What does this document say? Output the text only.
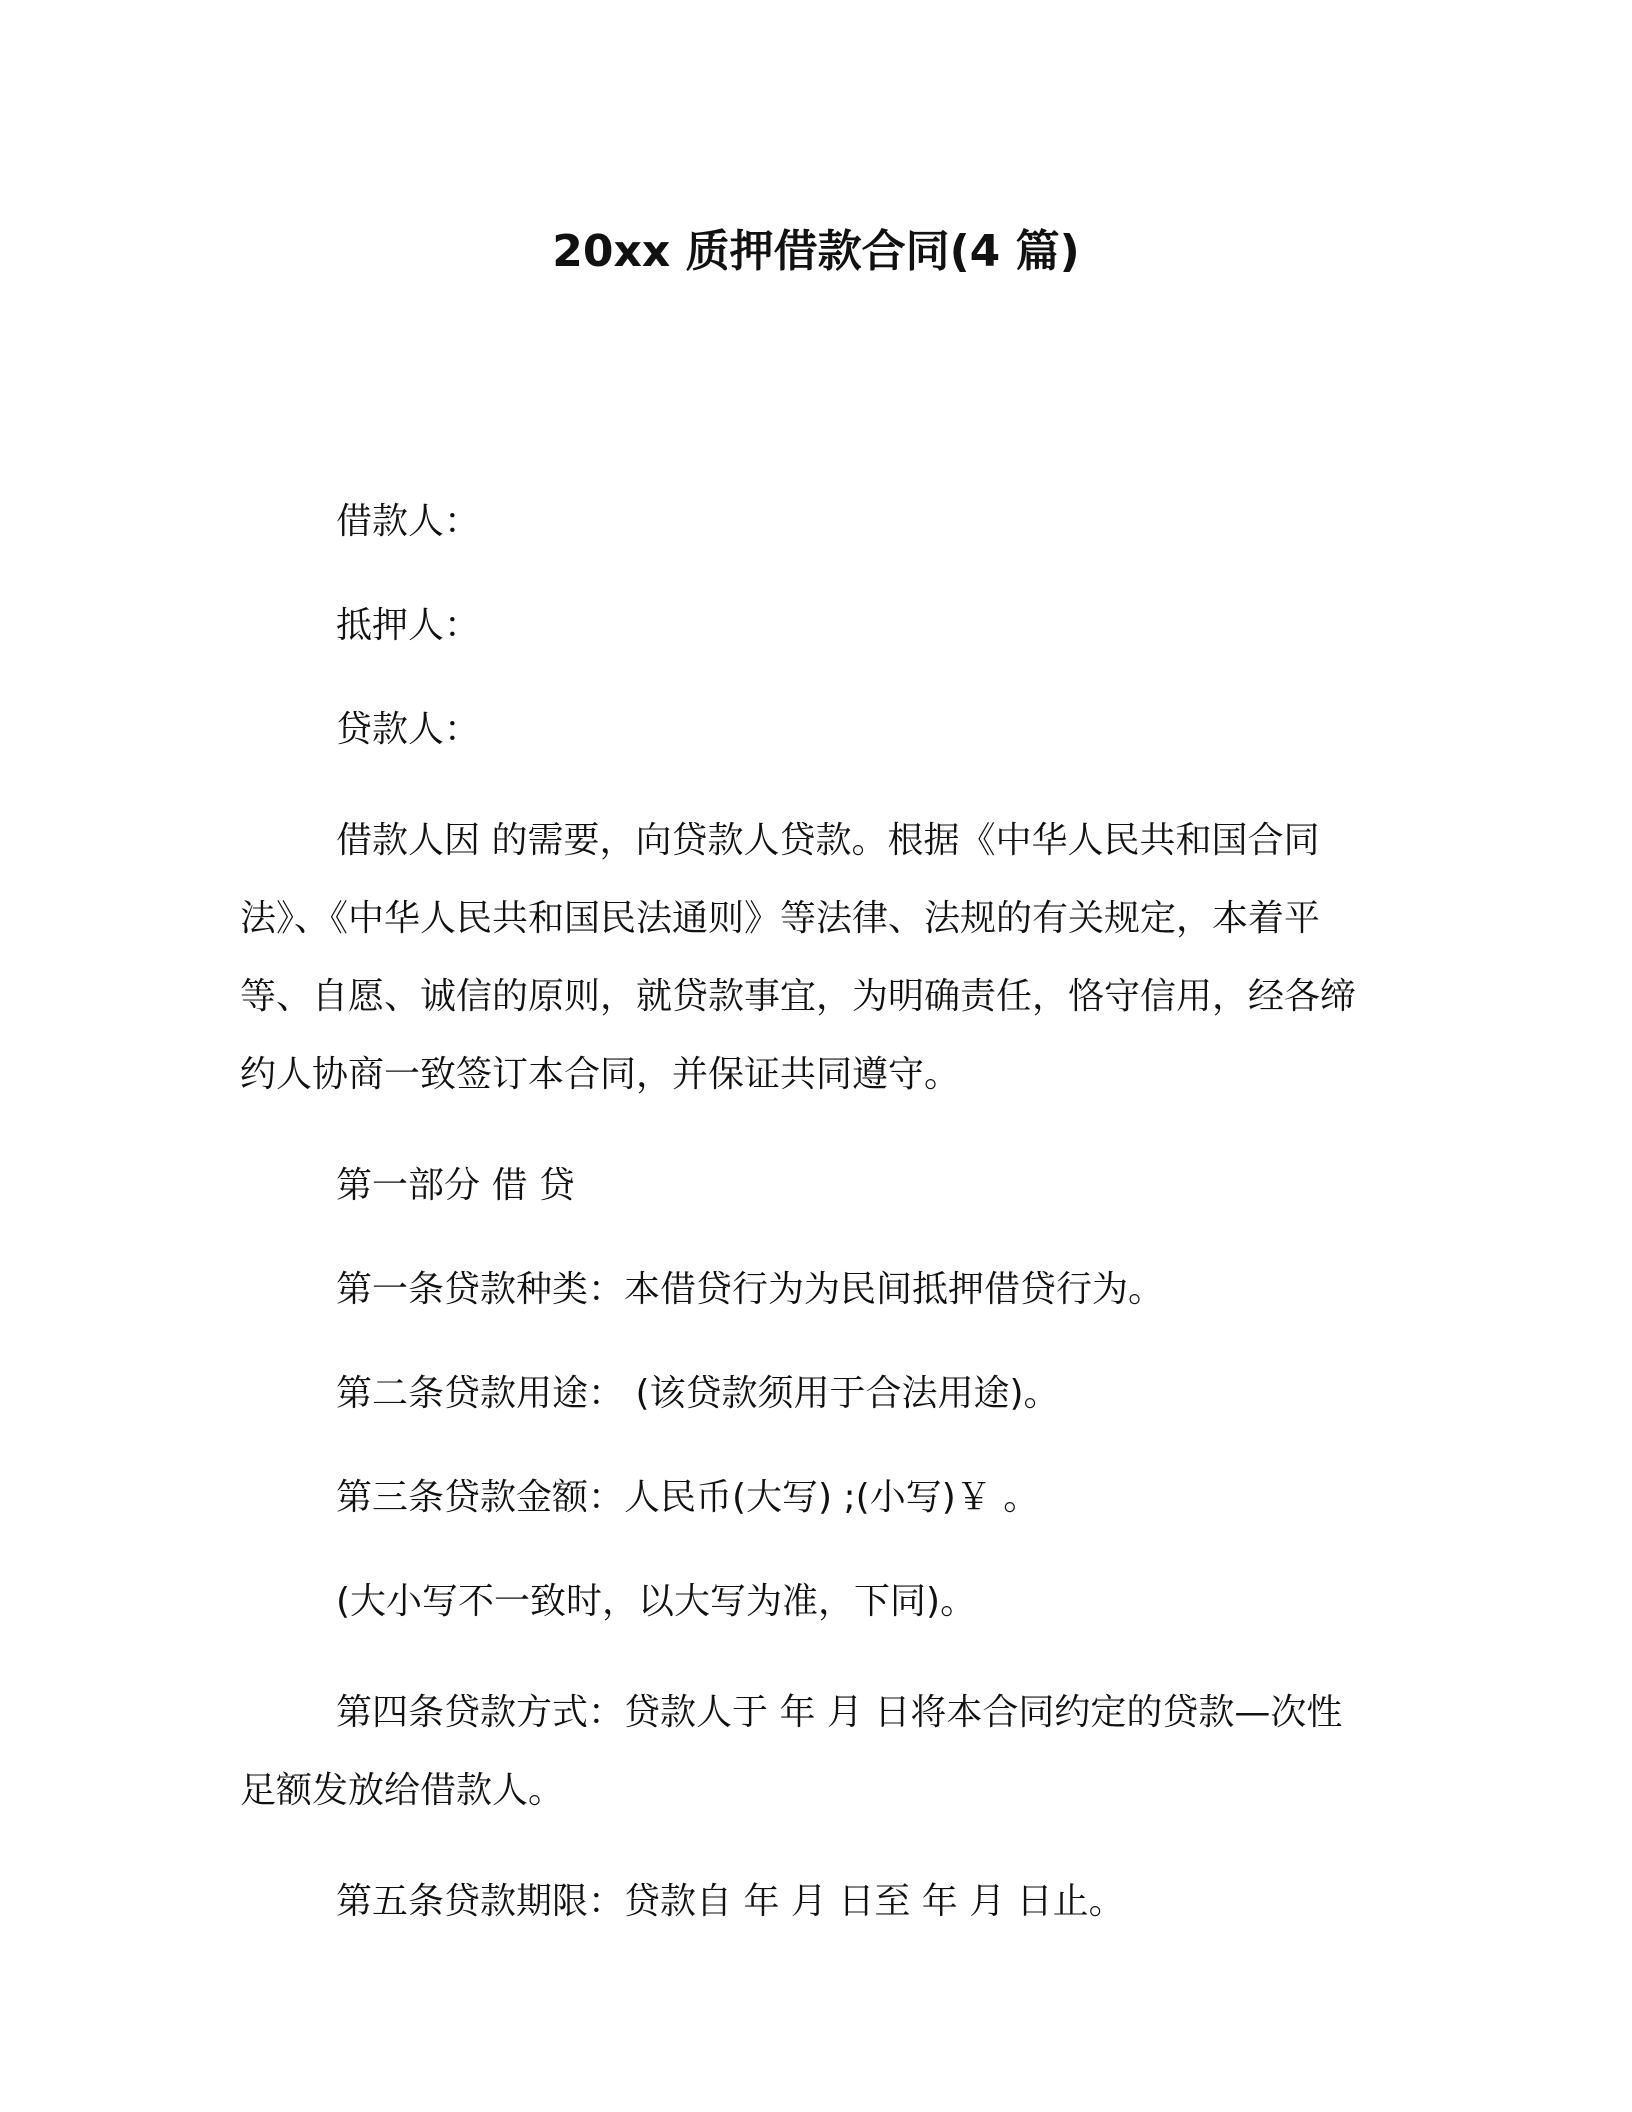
20xx 质押借款合同(4 篇)

借款人：

抵押人：

贷款人：

借款人因 的需要，向贷款人贷款。根据《中华人民共和国合同法》、《中华人民共和国民法通则》等法律、法规的有关规定，本着平等、自愿、诚信的原则，就贷款事宜，为明确责任，恪守信用，经各缔约人协商一致签订本合同，并保证共同遵守。

第一部分 借 贷

第一条贷款种类：本借贷行为为民间抵押借贷行为。

第二条贷款用途： (该贷款须用于合法用途)。

第三条贷款金额：人民币(大写) ;(小写)￥ 。

(大小写不一致时，以大写为准，下同)。

第四条贷款方式：贷款人于 年 月 日将本合同约定的贷款—次性足额发放给借款人。

第五条贷款期限：贷款自 年 月 日至 年 月 日止。
